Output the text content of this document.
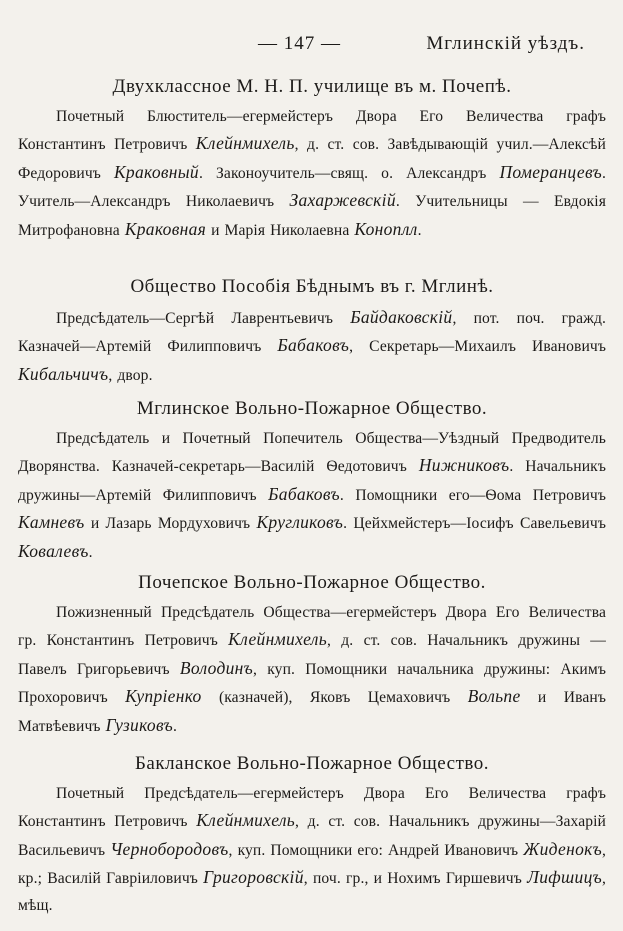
— 147 —	Мглинскій уѣздъ.

Двухклассное М. Н. П. училище въ м. Почепѣ.

Почетный Блюститель—егермейстеръ Двора Его Величества графъ Константинъ Петровичъ Клейнмихель, д. ст. сов. Завѣдывающій учил.—Алексѣй Федоровичъ Краковный. Законоучитель—свящ. о. Александръ Померанцевъ. Учитель—Александръ Николаевичъ Захаржевскій. Учительницы — Евдокія Митрофановна Краковная и Марія Николаевна Коноплл.

Общество Пособія Бѣднымъ въ г. Мглинѣ.

Предсѣдатель—Сергѣй Лаврентьевичъ Байдаковскій, пот. поч. гражд. Казначей—Артемій Филипповичъ Бабаковъ, Секретарь—Михаилъ Ивановичъ Кибальчичъ, двор.

Мглинское Вольно-Пожарное Общество.

Предсѣдатель и Почетный Попечитель Общества—Уѣздный Предводитель Дворянства. Казначей-секретарь—Василій Ѳедотовичъ Нижниковъ. Начальникъ дружины—Артемій Филипповичъ Бабаковъ. Помощники его—Ѳома Петровичъ Камневъ и Лазарь Мордуховичъ Кругликовъ. Цейхмейстеръ—Іосифъ Савельевичъ Ковалевъ.

Почепское Вольно-Пожарное Общество.

Пожизненный Предсѣдатель Общества—егермейстеръ Двора Его Величества гр. Константинъ Петровичъ Клейнмихель, д. ст. сов. Начальникъ дружины — Павелъ Григорьевичъ Володинъ, куп. Помощники начальника дружины: Акимъ Прохоровичъ Купріенко (казначей), Яковъ Цемаховичъ Вольпе и Иванъ Матвѣевичъ Гузиковъ.

Бакланское Вольно-Пожарное Общество.

Почетный Предсѣдатель—егермейстеръ Двора Его Величества графъ Константинъ Петровичъ Клейнмихель, д. ст. сов. Начальникъ дружины—Захарій Васильевичъ Чернобородовъ, куп. Помощники его: Андрей Ивановичъ Жиденокъ, кр.; Василій Гавріиловичъ Григоровскій, поч. гр., и Нохимъ Гиршевичъ Лифшицъ, мѣщ.
